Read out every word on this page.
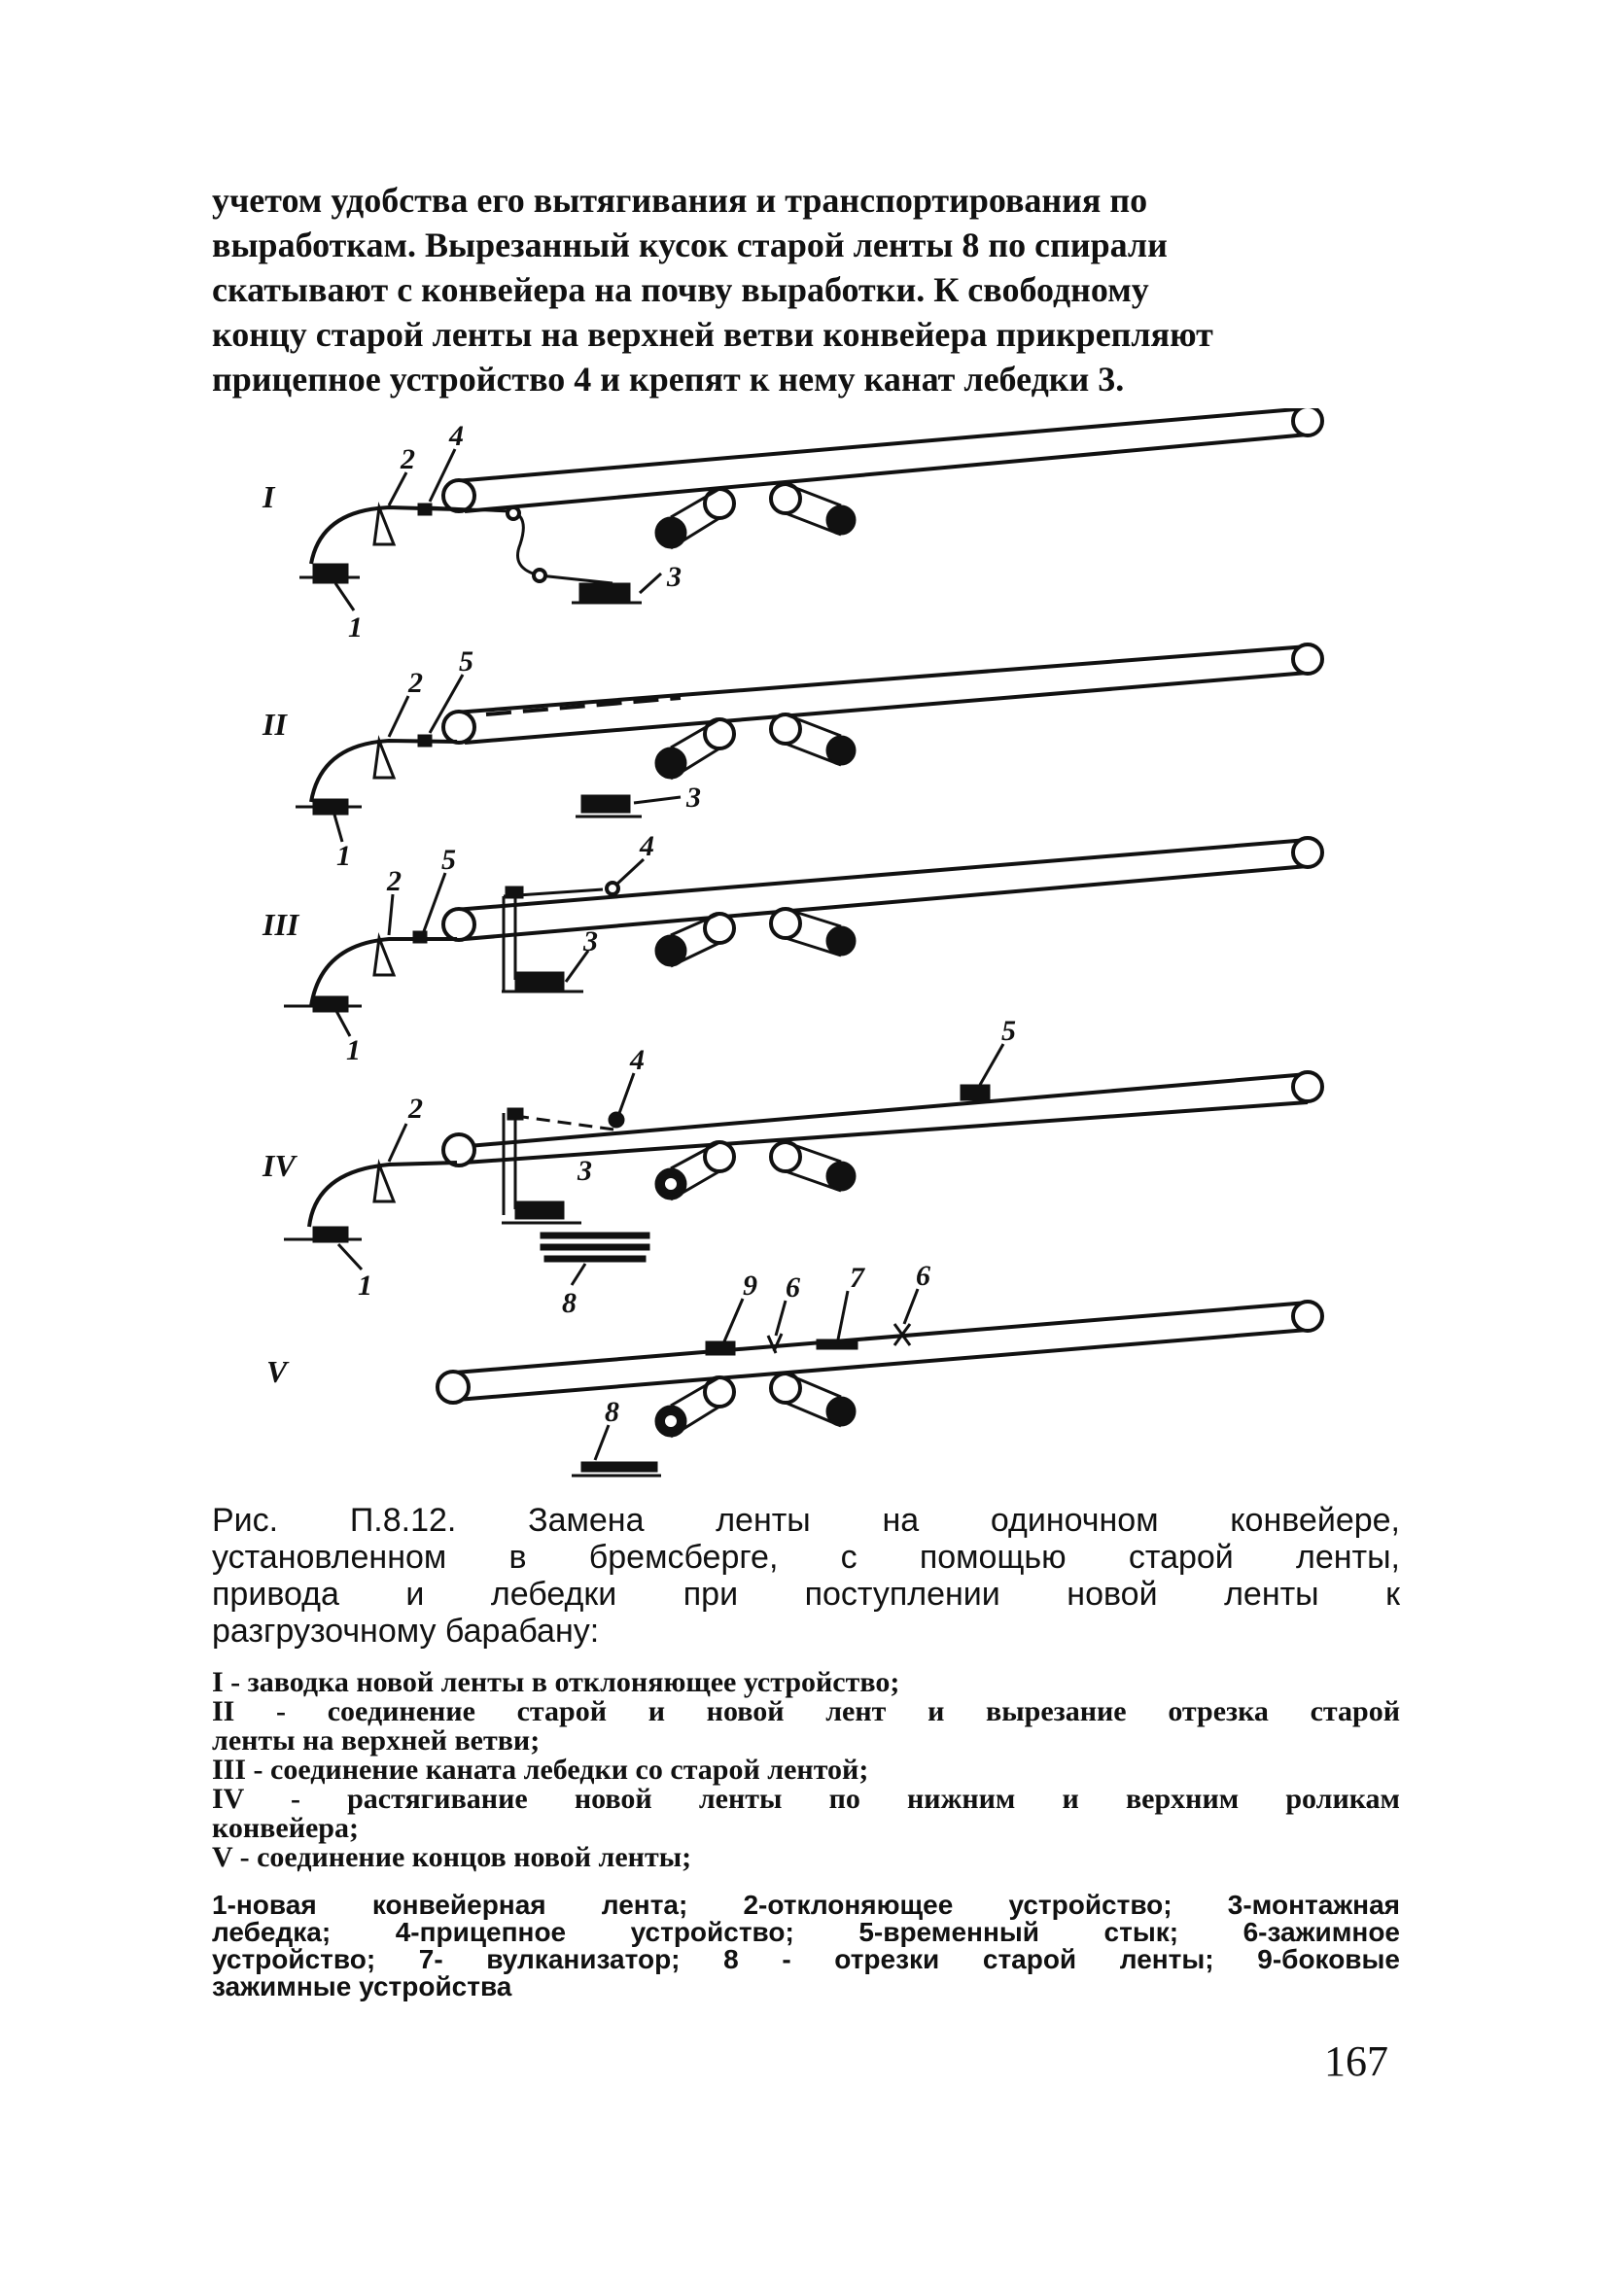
учетом удобства его вытягивания и транспортирования по
выработкам. Вырезанный кусок старой ленты 8 по спирали
скатывают с конвейера на почву выработки. К свободному
концу старой ленты на верхней ветви конвейера прикрепляют
прицепное устройство 4 и крепят к нему канат лебедки 3.
I
2
4
3
1
II
2
5
3
1
III
2
5	4
3
1
IV
2
4
5
3
1
8
V
9 6 7 6
8
Рис. П.8.12. Замена ленты на одиночном конвейере,
установленном в бремсберге, с помощью старой ленты,
привода и лебедки при поступлении новой ленты к
разгрузочному барабану:
I - заводка новой ленты в отклоняющее устройство;
II - соединение старой и новой лент и вырезание отрезка старой
ленты на верхней ветви;
III - соединение каната лебедки со старой лентой;
IV - растягивание новой ленты по нижним и верхним роликам
конвейера;
V - соединение концов новой ленты;
1-новая конвейерная лента; 2-отклоняющее устройство; 3-монтажная
лебедка; 4-прицепное устройство; 5-временный стык; 6-зажимное
устройство; 7- вулканизатор; 8 - отрезки старой ленты; 9-боковые
зажимные устройства
167
